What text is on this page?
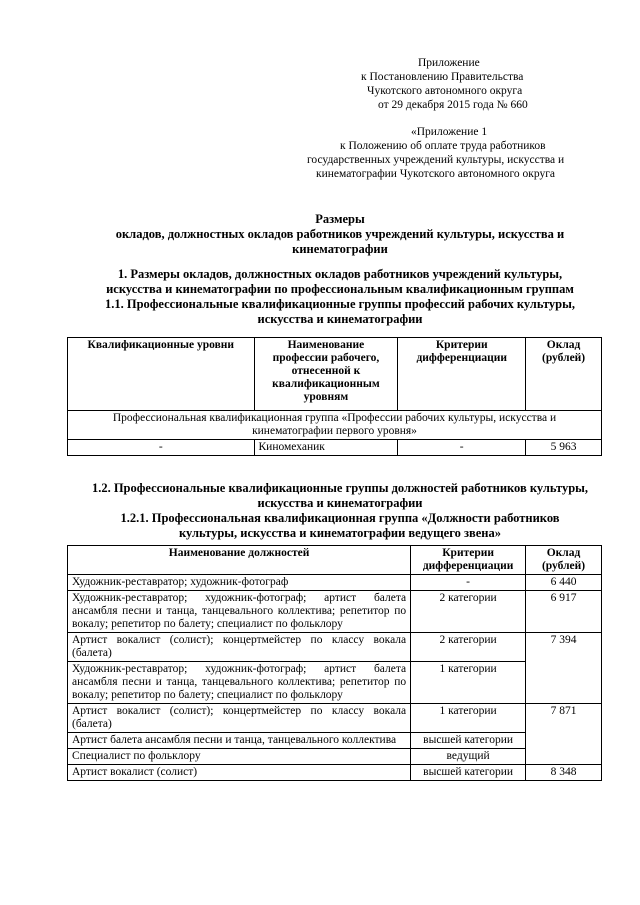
Приложение
к Постановлению Правительства
Чукотского автономного округа
от 29 декабря 2015 года № 660
«Приложение 1
к Положению об оплате труда работников
государственных учреждений культуры, искусства и
кинематографии Чукотского автономного округа
Размеры
окладов, должностных окладов работников учреждений культуры, искусства и
кинематографии
1. Размеры окладов, должностных окладов работников учреждений культуры,
искусства и кинематографии по профессиональным квалификационным группам
1.1. Профессиональные квалификационные группы профессий рабочих культуры,
искусства и кинематографии
Квалификационные уровни	Наименование профессии рабочего, отнесенной к квалификационным уровням	Критерии дифференциации	Оклад (рублей)
Профессиональная квалификационная группа «Профессии рабочих культуры, искусства и кинематографии первого уровня»			
-	Киномеханик	-	5 963
1.2. Профессиональные квалификационные группы должностей работников культуры,
искусства и кинематографии
1.2.1. Профессиональная квалификационная группа «Должности работников
культуры, искусства и кинематографии ведущего звена»
Наименование должностей	Критерии дифференциации	Оклад (рублей)
Художник-реставратор; художник-фотограф	-	6 440
Художник-реставратор; художник-фотограф; артист балета ансамбля песни и танца, танцевального коллектива; репетитор по вокалу; репетитор по балету; специалист по фольклору	2 категории	6 917
Артист вокалист (солист); концертмейстер по классу вокала (балета)	2 категории	7 394
Художник-реставратор; художник-фотограф; артист балета ансамбля песни и танца, танцевального коллектива; репетитор по вокалу; репетитор по балету; специалист по фольклору	1 категории	
Артист вокалист (солист); концертмейстер по классу вокала (балета)	1 категории	7 871
Артист балета ансамбля песни и танца, танцевального коллектива	высшей категории	
Специалист по фольклору	ведущий	
Артист вокалист (солист)	высшей категории	8 348
